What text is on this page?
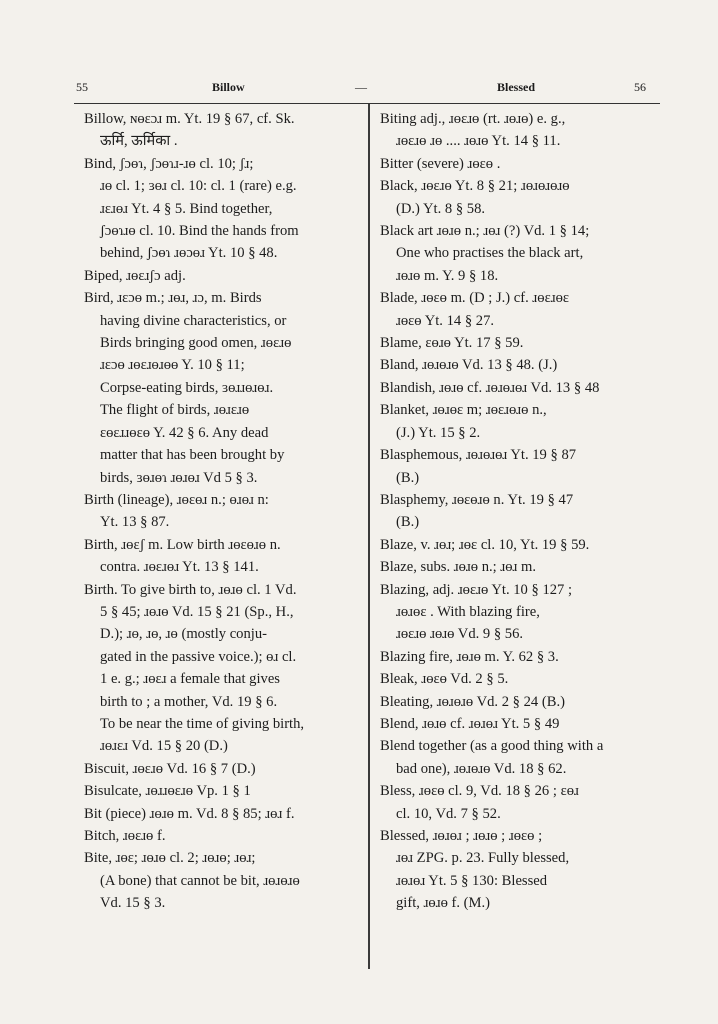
55	Billow	—	Blessed	56
Billow, ɴɵɛɔɹ m. Yt. 19 § 67, cf. Sk.
ऊर्मि, ऊर्मिका .
Bind, ʃɔɵɿ, ʃɔɵɿɹ-ɹɵ cl. 10; ʃɹ;
ɹɵ cl. 1; ɜɵɹ cl. 10: cl. 1 (rare) e.g.
ɹɛɹɵɹ Yt. 4 § 5. Bind together,
ʃɔɵɿɹɵ cl. 10. Bind the hands from
behind, ʃɔɵɿ ɹɵɔɵɹ Yt. 10 § 48.
Biped, ɹɵɛɹʃɔ adj.
Bird, ɹɛɔɵ m.; ɹɵɹ, ɹɔ, m. Birds
having divine characteristics, or
Birds bringing good omen, ɹɵɛɹɵ
ɹɛɔɵ ɹɵɛɹɵɹɵɵ Y. 10 § 11;
Corpse-eating birds, ɜɵɹɹɵɹɵɹ.
The flight of birds, ɹɵɹɛɹɵ
ɛɵɛɹɹɵɛɵ Y. 42 § 6. Any dead
matter that has been brought by
birds, ɜɵɹɵɿ ɹɵɹɵɹ Vd 5 § 3.
Birth (lineage), ɹɵɛɵɹ n.; ɵɹɵɹ n:
Yt. 13 § 87.
Birth, ɹɵɛʃ m. Low birth ɹɵɛɵɹɵ n.
contra. ɹɵɛɹɵɹ Yt. 13 § 141.
Birth. To give birth to, ɹɵɹɵ cl. 1 Vd.
5 § 45; ɹɵɹɵ Vd. 15 § 21 (Sp., H.,
D.); ɹɵ, ɹɵ, ɹɵ (mostly conju-
gated in the passive voice.); ɵɹ cl.
1 e. g.; ɹɵɛɹ a female that gives
birth to ; a mother, Vd. 19 § 6.
To be near the time of giving birth,
ɹɵɹɛɹ Vd. 15 § 20 (D.)
Biscuit, ɹɵɛɹɵ Vd. 16 § 7 (D.)
Bisulcate, ɹɵɹɹɵɛɹɵ Vp. 1 § 1
Bit (piece) ɹɵɹɵ m. Vd. 8 § 85; ɹɵɹ f.
Bitch, ɹɵɛɹɵ f.
Bite, ɹɵɛ; ɹɵɹɵ cl. 2; ɹɵɹɵ; ɹɵɹ;
(A bone) that cannot be bit, ɹɵɹɵɹɵ
Vd. 15 § 3.
Biting adj., ɹɵɛɹɵ (rt. ɹɵɹɵ) e. g.,
ɹɵɛɹɵ ɹɵ .... ɹɵɹɵ Yt. 14 § 11.
Bitter (severe) ɹɵɛɵ .
Black, ɹɵɛɹɵ Yt. 8 § 21; ɹɵɹɵɹɵɹɵ
(D.) Yt. 8 § 58.
Black art ɹɵɹɵ n.; ɹɵɹ (?) Vd. 1 § 14;
One who practises the black art,
ɹɵɹɵ m. Y. 9 § 18.
Blade, ɹɵɛɵ m. (D ; J.) cf. ɹɵɛɹɵɛ
ɹɵɛɵ Yt. 14 § 27.
Blame, ɛɵɹɵ Yt. 17 § 59.
Bland, ɹɵɹɵɹɵ Vd. 13 § 48. (J.)
Blandish, ɹɵɹɵ cf. ɹɵɹɵɹɵɹ Vd. 13 § 48
Blanket, ɹɵɹɵɛ m; ɹɵɛɹɵɹɵ n.,
(J.) Yt. 15 § 2.
Blasphemous, ɹɵɹɵɹɵɹ Yt. 19 § 87
(B.)
Blasphemy, ɹɵɛɵɹɵ n. Yt. 19 § 47
(B.)
Blaze, v. ɹɵɹ; ɹɵɛ cl. 10, Yt. 19 § 59.
Blaze, subs. ɹɵɹɵ n.; ɹɵɹ m.
Blazing, adj. ɹɵɛɹɵ Yt. 10 § 127 ;
ɹɵɹɵɛ . With blazing fire,
ɹɵɛɹɵ ɹɵɹɵ Vd. 9 § 56.
Blazing fire, ɹɵɹɵ m. Y. 62 § 3.
Bleak, ɹɵɛɵ Vd. 2 § 5.
Bleating, ɹɵɹɵɹɵ Vd. 2 § 24 (B.)
Blend, ɹɵɹɵ cf. ɹɵɹɵɹ Yt. 5 § 49
Blend together (as a good thing with a
bad one), ɹɵɹɵɹɵ Vd. 18 § 62.
Bless, ɹɵɛɵ cl. 9, Vd. 18 § 26 ; ɛɵɹ
cl. 10, Vd. 7 § 52.
Blessed, ɹɵɹɵɹ ; ɹɵɹɵ ; ɹɵɛɵ ;
ɹɵɹ ZPG. p. 23. Fully blessed,
ɹɵɹɵɹ Yt. 5 § 130: Blessed
gift, ɹɵɹɵ f. (M.)
